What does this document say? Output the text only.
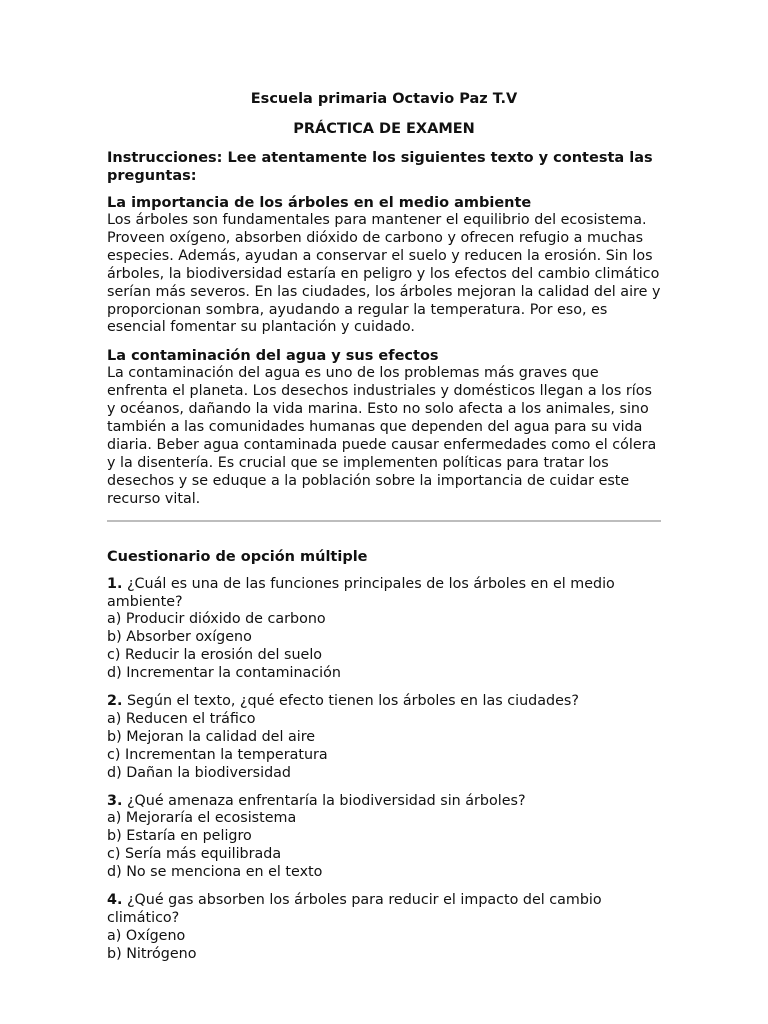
Escuela primaria Octavio Paz T.V

PRÁCTICA DE EXAMEN

Instrucciones: Lee atentamente los siguientes texto y contesta las preguntas:

La importancia de los árboles en el medio ambiente

Los árboles son fundamentales para mantener el equilibrio del ecosistema. Proveen oxígeno, absorben dióxido de carbono y ofrecen refugio a muchas especies. Además, ayudan a conservar el suelo y reducen la erosión. Sin los árboles, la biodiversidad estaría en peligro y los efectos del cambio climático serían más severos. En las ciudades, los árboles mejoran la calidad del aire y proporcionan sombra, ayudando a regular la temperatura. Por eso, es esencial fomentar su plantación y cuidado.

La contaminación del agua y sus efectos

La contaminación del agua es uno de los problemas más graves que enfrenta el planeta. Los desechos industriales y domésticos llegan a los ríos y océanos, dañando la vida marina. Esto no solo afecta a los animales, sino también a las comunidades humanas que dependen del agua para su vida diaria. Beber agua contaminada puede causar enfermedades como el cólera y la disentería. Es crucial que se implementen políticas para tratar los desechos y se eduque a la población sobre la importancia de cuidar este recurso vital.

Cuestionario de opción múltiple

1. ¿Cuál es una de las funciones principales de los árboles en el medio ambiente?
a) Producir dióxido de carbono
b) Absorber oxígeno
c) Reducir la erosión del suelo
d) Incrementar la contaminación
2. Según el texto, ¿qué efecto tienen los árboles en las ciudades?
a) Reducen el tráfico
b) Mejoran la calidad del aire
c) Incrementan la temperatura
d) Dañan la biodiversidad
3. ¿Qué amenaza enfrentaría la biodiversidad sin árboles?
a) Mejoraría el ecosistema
b) Estaría en peligro
c) Sería más equilibrada
d) No se menciona en el texto
4. ¿Qué gas absorben los árboles para reducir el impacto del cambio climático?
a) Oxígeno
b) Nitrógeno
